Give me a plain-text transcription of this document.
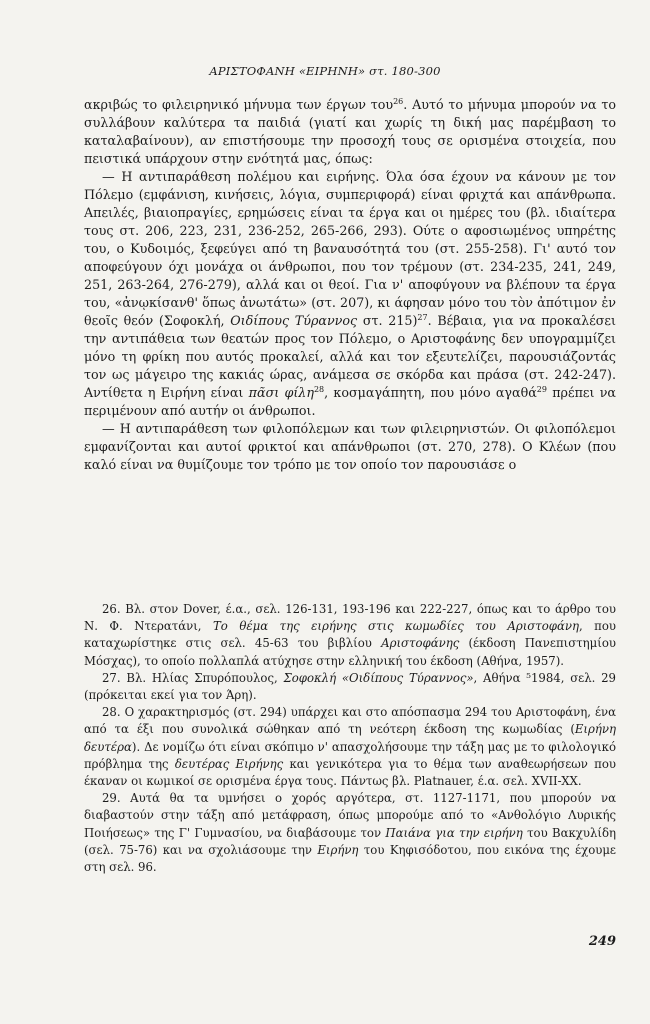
ΑΡΙΣΤΟΦΑΝΗ «ΕΙΡΗΝΗ» στ. 180-300

ακριβώς το φιλειρηνικό μήνυμα των έργων του$^{26}$. Αυτό το μήνυμα μπορούν να το συλλάβουν καλύτερα τα παιδιά (γιατί και χωρίς τη δική μας παρέμβαση το καταλαβαίνουν), αν επιστήσουμε την προσοχή τους σε ορισμένα στοιχεία, που πειστικά υπάρχουν στην ενότητά μας, όπως:

— Η αντιπαράθεση πολέμου και ειρήνης. Όλα όσα έχουν να κάνουν με τον Πόλεμο (εμφάνιση, κινήσεις, λόγια, συμπεριφορά) είναι φριχτά και απάνθρωπα. Απειλές, βιαιοπραγίες, ερημώσεις είναι τα έργα και οι ημέρες του (βλ. ιδιαίτερα τους στ. 206, 223, 231, 236-252, 265-266, 293). Ούτε ο αφοσιωμένος υπηρέτης του, ο Κυδοιμός, ξεφεύγει από τη βαναυσότητά του (στ. 255-258). Γι' αυτό τον αποφεύγουν όχι μονάχα οι άνθρωποι, που τον τρέμουν (στ. 234-235, 241, 249, 251, 263-264, 276-279), αλλά και οι θεοί. Για ν' αποφύγουν να βλέπουν τα έργα του, «ἀνῳκίσανθ' ὅπως ἀνωτάτω» (στ. 207), κι άφησαν μόνο του τὸν ἀπότιμον ἐν θεοῖς θεόν (Σοφοκλή, Οιδίπους Τύραννος στ. 215)$^{27}$. Βέβαια, για να προκαλέσει την αντιπάθεια των θεατών προς τον Πόλεμο, ο Αριστοφάνης δεν υπογραμμίζει μόνο τη φρίκη που αυτός προκαλεί, αλλά και τον εξευτελίζει, παρουσιάζοντάς τον ως μάγειρο της κακιάς ώρας, ανάμεσα σε σκόρδα και πράσα (στ. 242-247). Αντίθετα η Ειρήνη είναι πᾶσι φίλη$^{28}$, κοσμαγάπητη, που μόνο αγαθά$^{29}$ πρέπει να περιμένουν από αυτήν οι άνθρωποι.

— Η αντιπαράθεση των φιλοπόλεμων και των φιλειρηνιστών. Οι φιλοπόλεμοι εμφανίζονται και αυτοί φρικτοί και απάνθρωποι (στ. 270, 278). Ο Κλέων (που καλό είναι να θυμίζουμε τον τρόπο με τον οποίο τον παρουσιάσε ο

26. Βλ. στον Dover, έ.α., σελ. 126-131, 193-196 και 222-227, όπως και το άρθρο του Ν. Φ. Ντερατάνι, Το θέμα της ειρήνης στις κωμωδίες του Αριστοφάνη, που καταχωρίστηκε στις σελ. 45-63 του βιβλίου Αριστοφάνης (έκδοση Πανεπιστημίου Μόσχας), το οποίο πολλαπλά ατύχησε στην ελληνική του έκδοση (Αθήνα, 1957).

27. Βλ. Ηλίας Σπυρόπουλος, Σοφοκλή «Οιδίπους Τύραννος», Αθήνα ⁵1984, σελ. 29 (πρόκειται εκεί για τον Άρη).

28. Ο χαρακτηρισμός (στ. 294) υπάρχει και στο απόσπασμα 294 του Αριστοφάνη, ένα από τα έξι που συνολικά σώθηκαν από τη νεότερη έκδοση της κωμωδίας (Ειρήνη δευτέρα). Δε νομίζω ότι είναι σκόπιμο ν' απασχολήσουμε την τάξη μας με το φιλολογικό πρόβλημα της δευτέρας Ειρήνης και γενικότερα για το θέμα των αναθεωρήσεων που έκαναν οι κωμικοί σε ορισμένα έργα τους. Πάντως βλ. Platnauer, έ.α. σελ. XVII-XX.

29. Αυτά θα τα υμνήσει ο χορός αργότερα, στ. 1127-1171, που μπορούν να διαβαστούν στην τάξη από μετάφραση, όπως μπορούμε από το «Ανθολόγιο Λυρικής Ποιήσεως» της Γ' Γυμνασίου, να διαβάσουμε τον Παιάνα για την ειρήνη του Βακχυλίδη (σελ. 75-76) και να σχολιάσουμε την Ειρήνη του Κηφισόδοτου, που εικόνα της έχουμε στη σελ. 96.

249
